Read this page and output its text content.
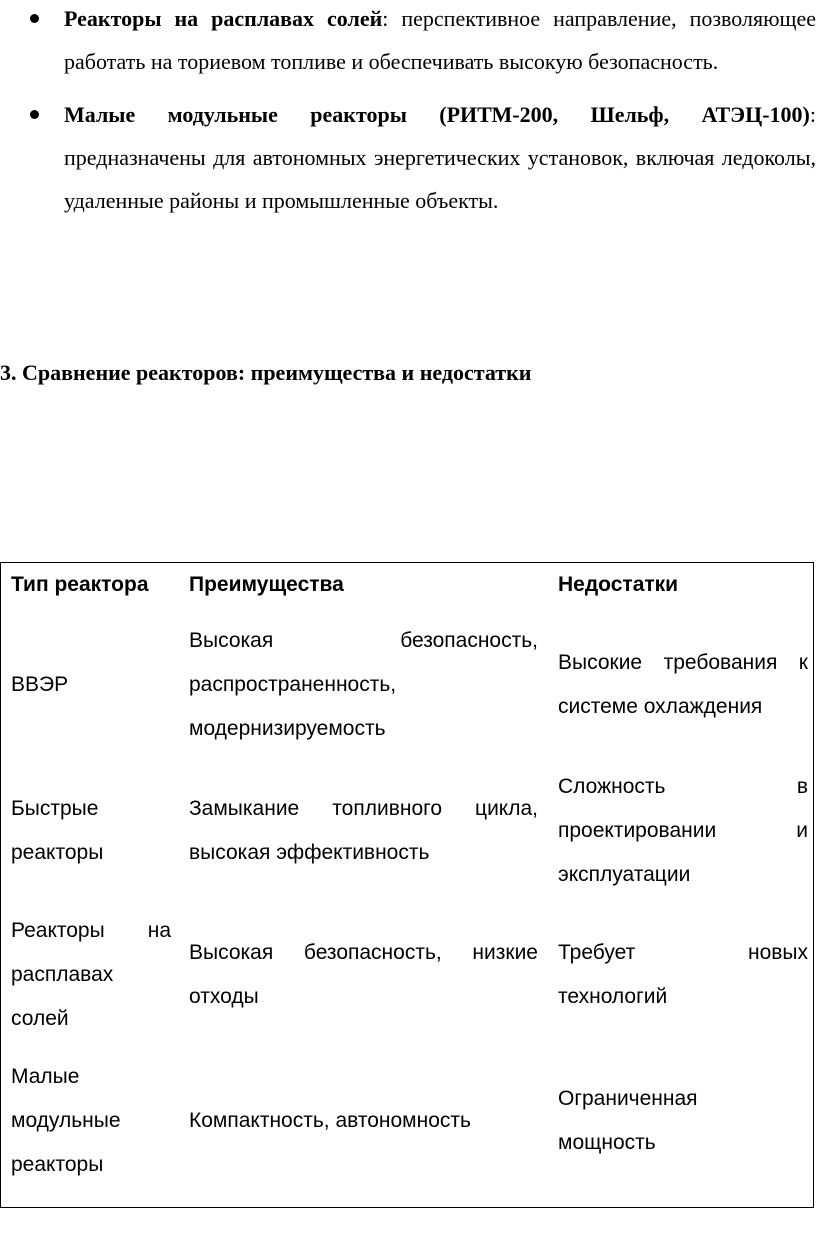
Реакторы на расплавах солей: перспективное направление, позволяющее работать на ториевом топливе и обеспечивать высокую безопасность.
Малые модульные реакторы (РИТМ-200, Шельф, АТЭЦ-100): предназначены для автономных энергетических установок, включая ледоколы, удаленные районы и промышленные объекты.
3. Сравнение реакторов: преимущества и недостатки
Тип реактора	Преимущества	Недостатки
ВВЭР
Высокая безопасность, распространенность, модернизируемость
Высокие требования к системе охлаждения
Быстрые реакторы
Замыкание топливного цикла, высокая эффективность
Сложность в проектировании и эксплуатации
Реакторы на расплавах солей
Высокая безопасность, низкие отходы
Требует новых технологий
Малые модульные реакторы
Компактность, автономность
Ограниченная мощность
